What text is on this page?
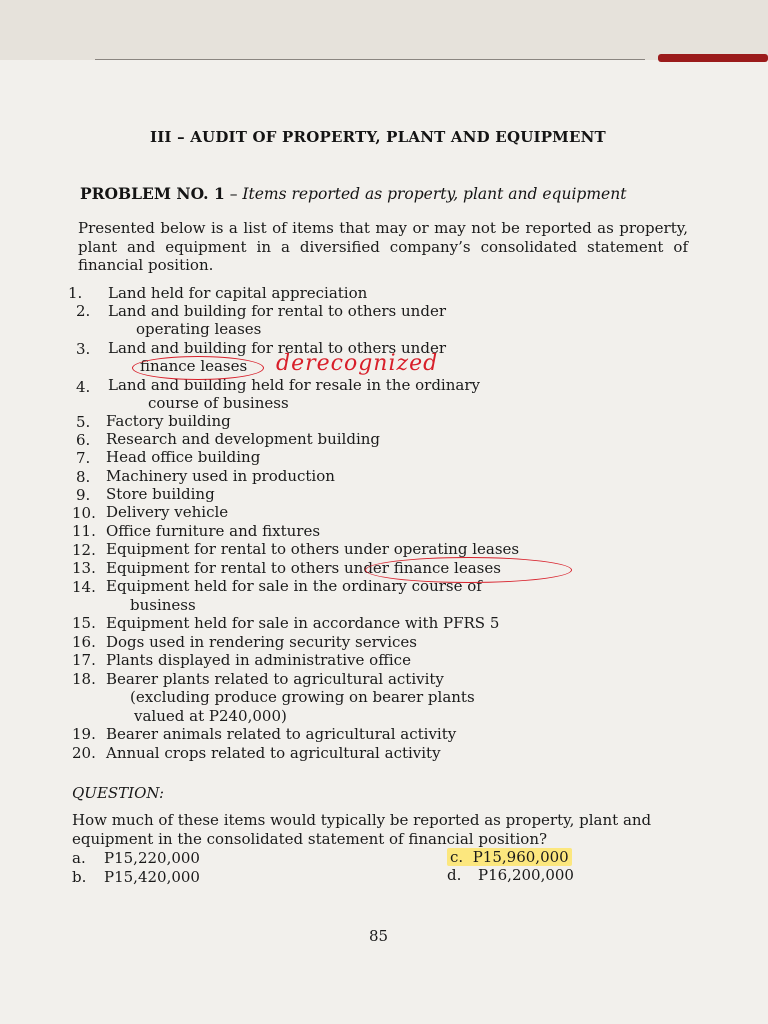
III – AUDIT OF PROPERTY, PLANT AND EQUIPMENT
PROBLEM NO. 1 – Items reported as property, plant and equipment
Presented below is a list of items that may or may not be reported as property, plant and equipment in a diversified company’s consolidated statement of financial position.
1. Land held for capital appreciation
2. Land and building for rental to others under
operating leases
3. Land and building for rental to others under
finance leases
4. Land and building held for resale in the ordinary
course of business
5. Factory building
6. Research and development building
7. Head office building
8. Machinery used in production
9. Store building
10. Delivery vehicle
11. Office furniture and fixtures
12. Equipment for rental to others under operating leases
13. Equipment for rental to others under finance leases
14. Equipment held for sale in the ordinary course of
business
15. Equipment held for sale in accordance with PFRS 5
16. Dogs used in rendering security services
17. Plants displayed in administrative office
18. Bearer plants related to agricultural activity
(excluding produce growing on bearer plants
valued at P240,000)
19. Bearer animals related to agricultural activity
20. Annual crops related to agricultural activity
derecognized
QUESTION:
How much of these items would typically be reported as property, plant and equipment in the consolidated statement of financial position?
a. P15,220,000
b. P15,420,000
c. P15,960,000
d. P16,200,000
85
